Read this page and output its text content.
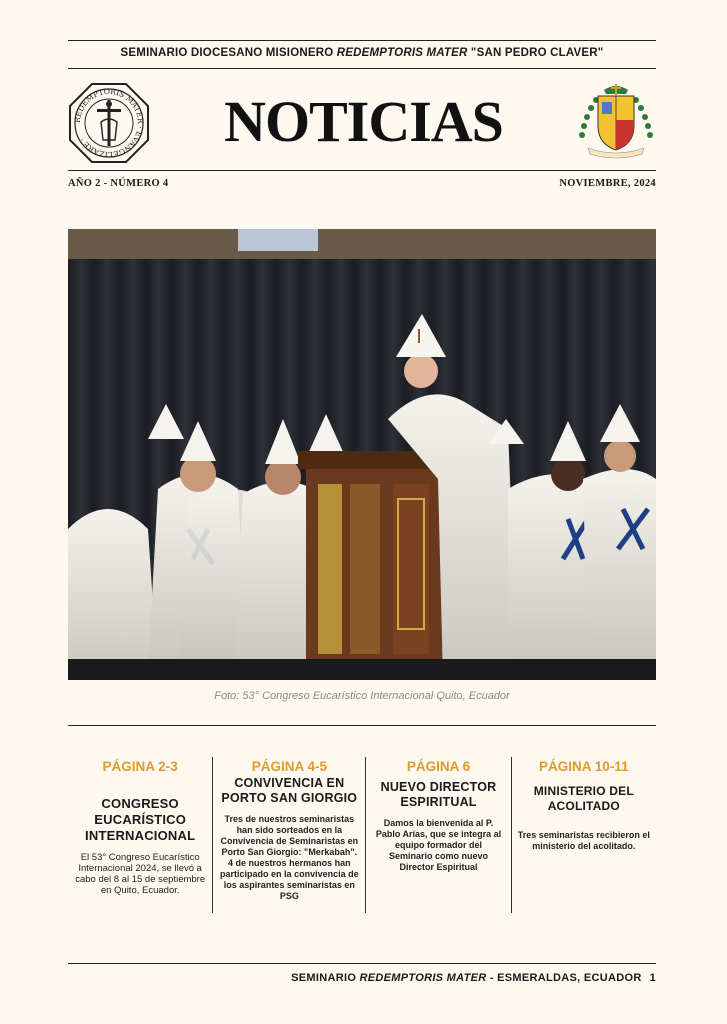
SEMINARIO DIOCESANO MISIONERO REDEMPTORIS MATER "SAN PEDRO CLAVER"
REDEMPTORIS MATER · EVANGELIZARE ·	NOTICIAS
AÑO 2 - NÚMERO 4	NOVIEMBRE, 2024
Foto: 53° Congreso Eucarístico Internacional Quito, Ecuador
PÁGINA 2-3
CONGRESO EUCARÍSTICO INTERNACIONAL
El 53° Congreso Eucarístico Internacional 2024, se llevó a cabo del 8 al 15 de septiembre en Quito, Ecuador.
PÁGINA 4-5
CONVIVENCIA EN PORTO SAN GIORGIO
Tres de nuestros seminaristas han sido sorteados en la Convivencia de Seminaristas en Porto San Giorgio: "Merkabah". 4 de nuestros hermanos han participado en la convivencia de los aspirantes seminaristas en PSG
PÁGINA 6
NUEVO DIRECTOR ESPIRITUAL
Damos la bienvenida al P. Pablo Arías, que se integra al equipo formador del Seminario como nuevo Director Espiritual
PÁGINA 10-11
MINISTERIO DEL ACOLITADO
Tres seminaristas recibieron el ministerio del acolitado.
SEMINARIO REDEMPTORIS MATER - ESMERALDAS, ECUADOR 1
